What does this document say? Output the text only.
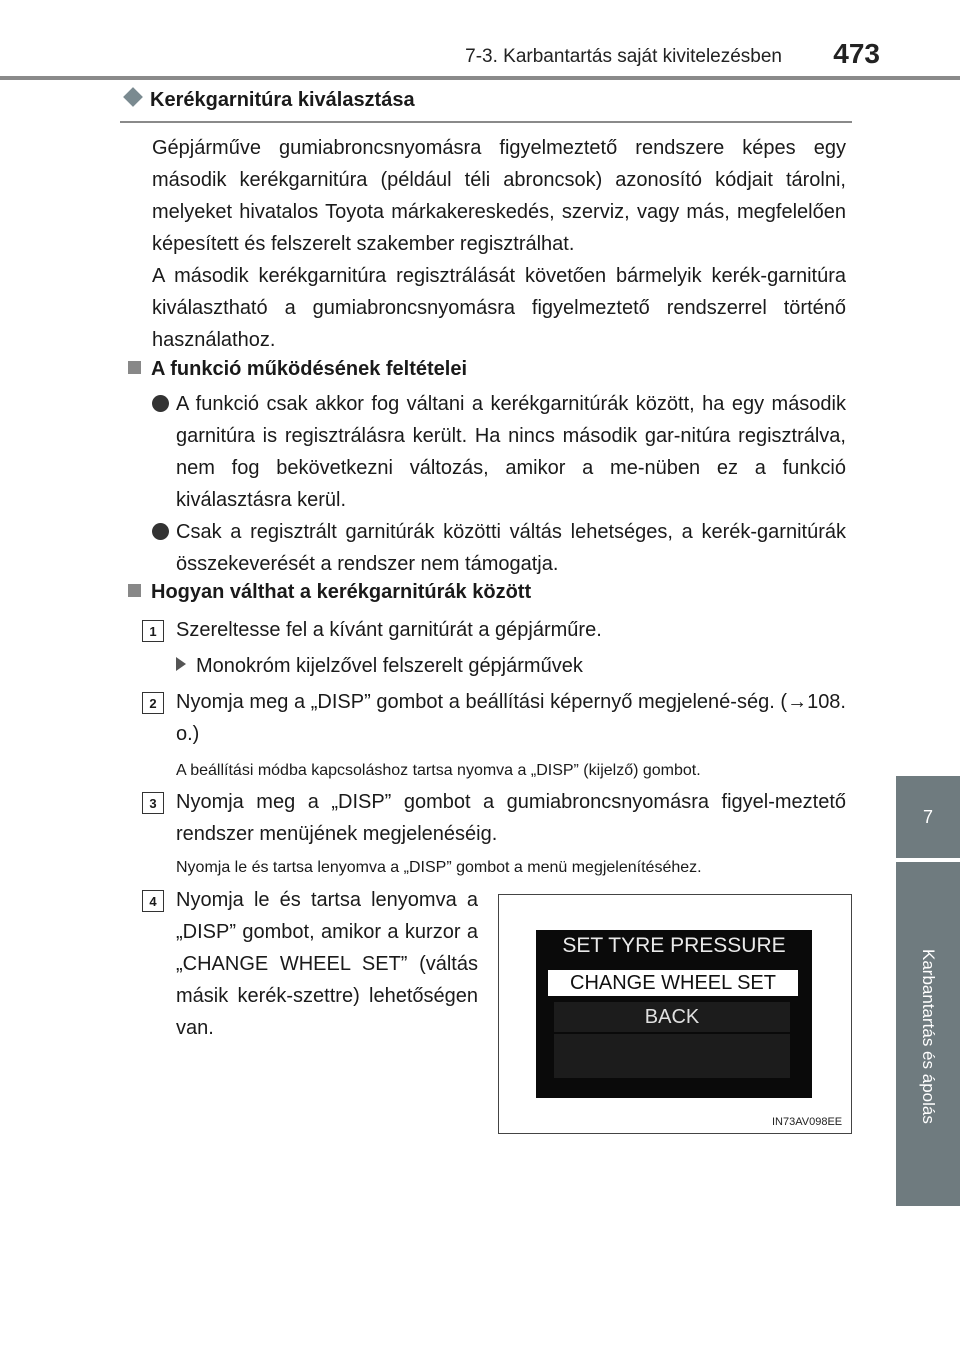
7-3. Karbantartás saját kivitelezésben 473
7
Karbantartás és ápolás
Kerékgarnitúra kiválasztása

Gépjárműve gumiabroncsnyomásra figyelmeztető rendszere képes egy második kerékgarnitúra (például téli abroncsok) azonosító kódjait tárolni, melyeket hivatalos Toyota márkakereskedés, szerviz, vagy más, megfelelően képesített és felszerelt szakember regisztrálhat.

A második kerékgarnitúra regisztrálását követően bármelyik kerék-garnitúra kiválasztható a gumiabroncsnyomásra figyelmeztető rendszerrel történő használathoz.

A funkció működésének feltételei
A funkció csak akkor fog váltani a kerékgarnitúrák között, ha egy második garnitúra is regisztrálásra került. Ha nincs második gar-nitúra regisztrálva, nem fog bekövetkezni változás, amikor a me-nüben ez a funkció kiválasztásra kerül.
Csak a regisztrált garnitúrák közötti váltás lehetséges, a kerék-garnitúrák összekeverését a rendszer nem támogatja.
Hogyan válthat a kerékgarnitúrák között
1 Szereltesse fel a kívánt garnitúrát a gépjárműre.
Monokróm kijelzővel felszerelt gépjárművek
2 Nyomja meg a „DISP” gombot a beállítási képernyő megjelené-ség. (→108. o.)
A beállítási módba kapcsoláshoz tartsa nyomva a „DISP” (kijelző) gombot.
3 Nyomja meg a „DISP” gombot a gumiabroncsnyomásra figyel-meztető rendszer menüjének megjelenéséig.
Nyomja le és tartsa lenyomva a „DISP” gombot a menü megjelenítéséhez.
4 Nyomja le és tartsa lenyomva a „DISP” gombot, amikor a kurzor a „CHANGE WHEEL SET” (váltás másik kerék-szettre) lehetőségen van.
SET TYRE PRESSURE
CHANGE WHEEL SET
BACK
IN73AV098EE
